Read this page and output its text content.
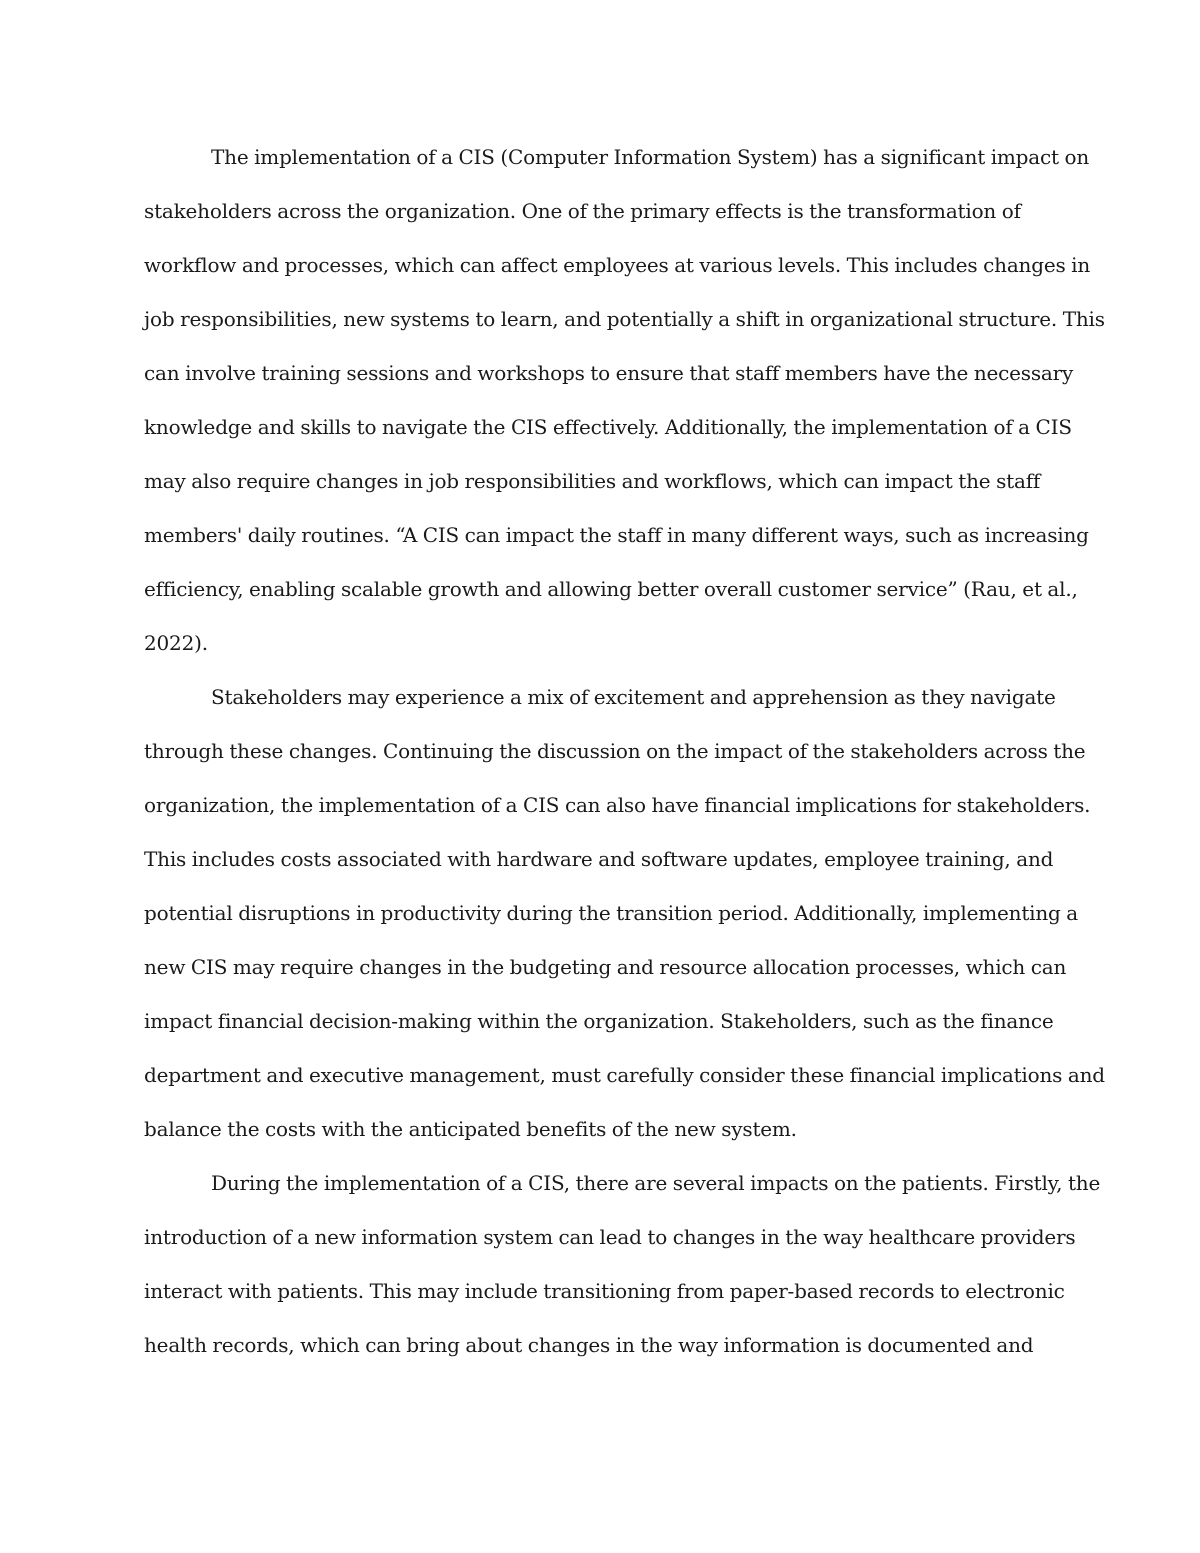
The implementation of a CIS (Computer Information System) has a significant impact on
stakeholders across the organization. One of the primary effects is the transformation of
workflow and processes, which can affect employees at various levels. This includes changes in
job responsibilities, new systems to learn, and potentially a shift in organizational structure. This
can involve training sessions and workshops to ensure that staff members have the necessary
knowledge and skills to navigate the CIS effectively. Additionally, the implementation of a CIS
may also require changes in job responsibilities and workflows, which can impact the staff
members' daily routines. “A CIS can impact the staff in many different ways, such as increasing
efficiency, enabling scalable growth and allowing better overall customer service” (Rau, et al.,
2022).
Stakeholders may experience a mix of excitement and apprehension as they navigate
through these changes. Continuing the discussion on the impact of the stakeholders across the
organization, the implementation of a CIS can also have financial implications for stakeholders.
This includes costs associated with hardware and software updates, employee training, and
potential disruptions in productivity during the transition period. Additionally, implementing a
new CIS may require changes in the budgeting and resource allocation processes, which can
impact financial decision-making within the organization. Stakeholders, such as the finance
department and executive management, must carefully consider these financial implications and
balance the costs with the anticipated benefits of the new system.
During the implementation of a CIS, there are several impacts on the patients. Firstly, the
introduction of a new information system can lead to changes in the way healthcare providers
interact with patients. This may include transitioning from paper-based records to electronic
health records, which can bring about changes in the way information is documented and
